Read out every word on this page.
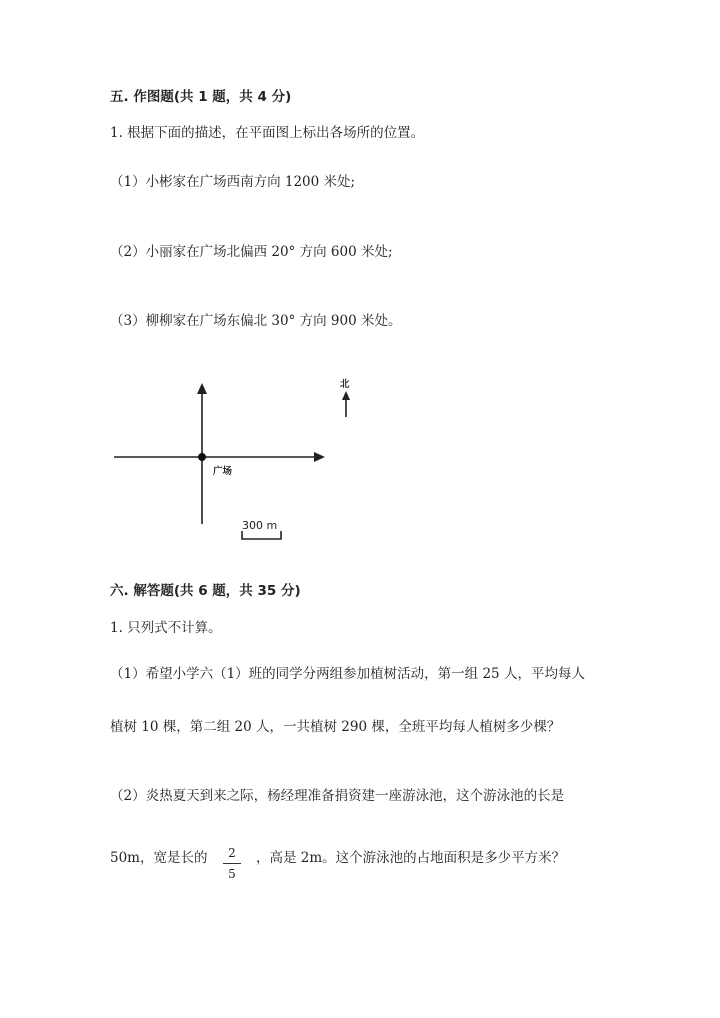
五. 作图题(共 1 题，共 4 分)
1. 根据下面的描述，在平面图上标出各场所的位置。
（1）小彬家在广场西南方向 1200 米处;
（2）小丽家在广场北偏西 20° 方向 600 米处;
（3）柳柳家在广场东偏北 30° 方向 900 米处。
广场
北
300 m
六. 解答题(共 6 题，共 35 分)
1. 只列式不计算。
（1）希望小学六（1）班的同学分两组参加植树活动，第一组 25 人，平均每人
植树 10 棵，第二组 20 人，一共植树 290 棵，全班平均每人植树多少棵？
（2）炎热夏天到来之际，杨经理准备捐资建一座游泳池，这个游泳池的长是
50m，宽是长的	2
5
，高是 2m。这个游泳池的占地面积是多少平方米？
